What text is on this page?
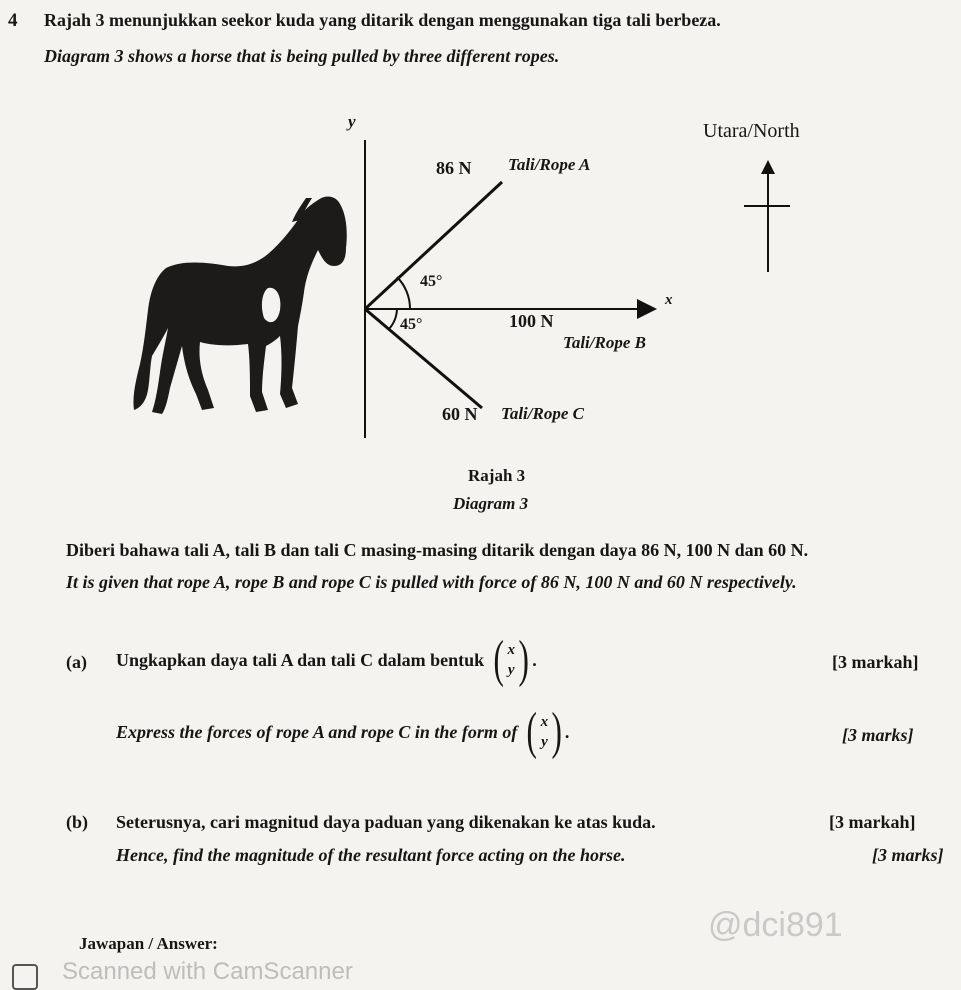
4 Rajah 3 menunjukkan seekor kuda yang ditarik dengan menggunakan tiga tali berbeza.
Diagram 3 shows a horse that is being pulled by three different ropes.
y
x
Utara/North
86 N Tali/Rope A
45°
45°	100 N
Tali/Rope B
60 N Tali/Rope C
Rajah 3
Diagram 3
Diberi bahawa tali A, tali B dan tali C masing-masing ditarik dengan daya 86 N, 100 N dan 60 N.
It is given that rope A, rope B and rope C is pulled with force of 86 N, 100 N and 60 N respectively.
(a) Ungkapkan daya tali A dan tali C dalam bentuk ( x
y ) .	[3 markah]
Express the forces of rope A and rope C in the form of ( x
y ) .	[3 marks]
(b) Seterusnya, cari magnitud daya paduan yang dikenakan ke atas kuda.	[3 markah]
Hence, find the magnitude of the resultant force acting on the horse.	[3 marks]
Jawapan / Answer:	@dci891
Scanned with CamScanner
